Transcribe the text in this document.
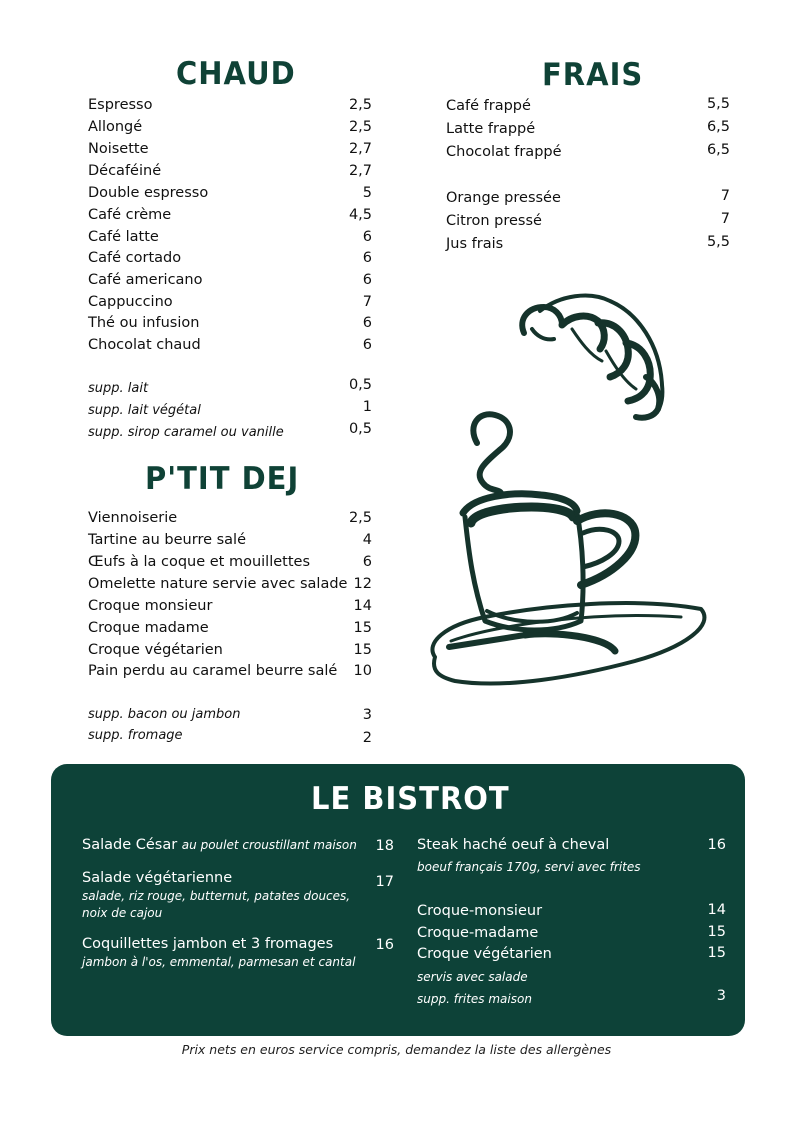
CHAUD
Espresso	2,5
Allongé	2,5
Noisette	2,7
Décaféiné	2,7
Double espresso	5
Café crème	4,5
Café latte	6
Café cortado	6
Café americano	6
Cappuccino	7
Thé ou infusion	6
Chocolat chaud	6
supp. lait	0,5
supp. lait végétal	1
supp. sirop caramel ou vanille	0,5
FRAIS
Café frappé	5,5
Latte frappé	6,5
Chocolat frappé	6,5
Orange pressée	7
Citron pressé	7
Jus frais	5,5
P'TIT DEJ
Viennoiserie	2,5
Tartine au beurre salé	4
Œufs à la coque et mouillettes	6
Omelette nature servie avec salade 12
Croque monsieur	14
Croque madame	15
Croque végétarien	15
Pain perdu au caramel beurre salé 10
supp. bacon ou jambon	3
supp. fromage	2
LE BISTROT
Salade César au poulet croustillant maison	18
Salade végétarienne	17
salade, riz rouge, butternut, patates douces, noix de cajou
Coquillettes jambon et 3 fromages	16
jambon à l'os, emmental, parmesan et cantal
Steak haché oeuf à cheval	16
boeuf français 170g, servi avec frites
Croque-monsieur	14
Croque-madame	15
Croque végétarien	15
servis avec salade
supp. frites maison	3
Prix nets en euros service compris, demandez la liste des allergènes
